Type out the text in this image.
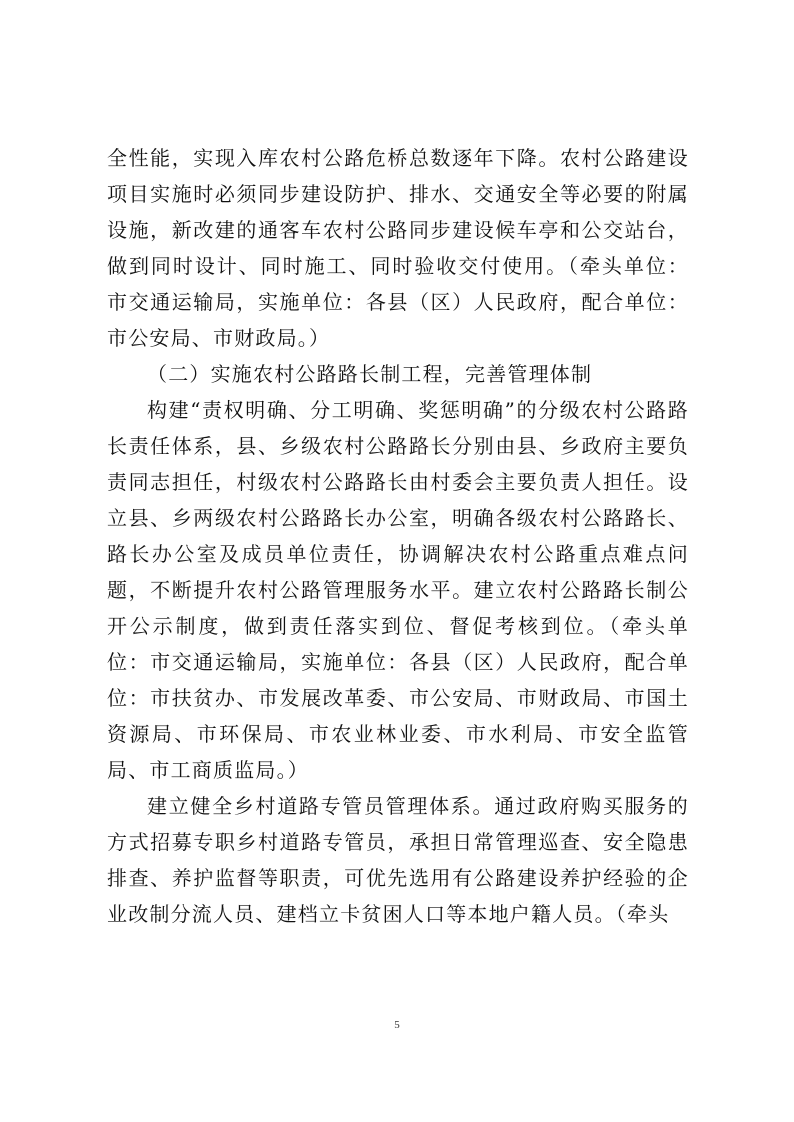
全性能，实现入库农村公路危桥总数逐年下降。农村公路建设项目实施时必须同步建设防护、排水、交通安全等必要的附属设施，新改建的通客车农村公路同步建设候车亭和公交站台，做到同时设计、同时施工、同时验收交付使用。（牵头单位：市交通运输局，实施单位：各县（区）人民政府，配合单位：市公安局、市财政局。）

（二）实施农村公路路长制工程，完善管理体制

构建“责权明确、分工明确、奖惩明确”的分级农村公路路长责任体系，县、乡级农村公路路长分别由县、乡政府主要负责同志担任，村级农村公路路长由村委会主要负责人担任。设立县、乡两级农村公路路长办公室，明确各级农村公路路长、路长办公室及成员单位责任，协调解决农村公路重点难点问题，不断提升农村公路管理服务水平。建立农村公路路长制公开公示制度，做到责任落实到位、督促考核到位。（牵头单位：市交通运输局，实施单位：各县（区）人民政府，配合单位：市扶贫办、市发展改革委、市公安局、市财政局、市国土资源局、市环保局、市农业林业委、市水利局、市安全监管局、市工商质监局。）

建立健全乡村道路专管员管理体系。通过政府购买服务的方式招募专职乡村道路专管员，承担日常管理巡查、安全隐患排查、养护监督等职责，可优先选用有公路建设养护经验的企业改制分流人员、建档立卡贫困人口等本地户籍人员。（牵头

5
